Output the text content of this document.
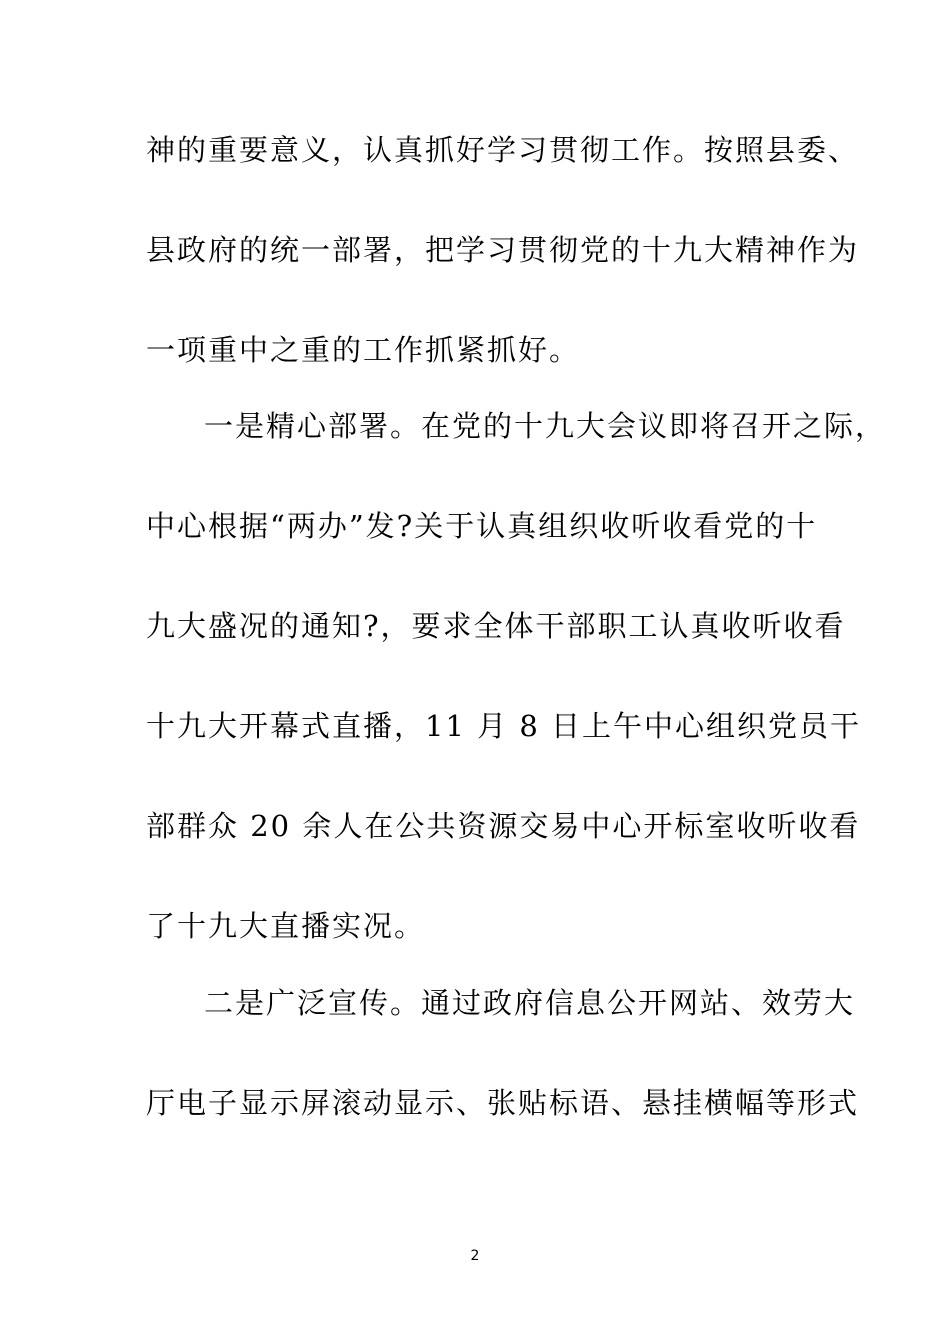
神的重要意义，认真抓好学习贯彻工作。按照县委、
县政府的统一部署，把学习贯彻党的十九大精神作为
一项重中之重的工作抓紧抓好。
一是精心部署。在党的十九大会议即将召开之际，
中心根据“两办”发?关于认真组织收听收看党的十
九大盛况的通知?，要求全体干部职工认真收听收看
十九大开幕式直播，11 月 8 日上午中心组织党员干
部群众 20 余人在公共资源交易中心开标室收听收看
了十九大直播实况。
二是广泛宣传。通过政府信息公开网站、效劳大
厅电子显示屏滚动显示、张贴标语、悬挂横幅等形式
2
